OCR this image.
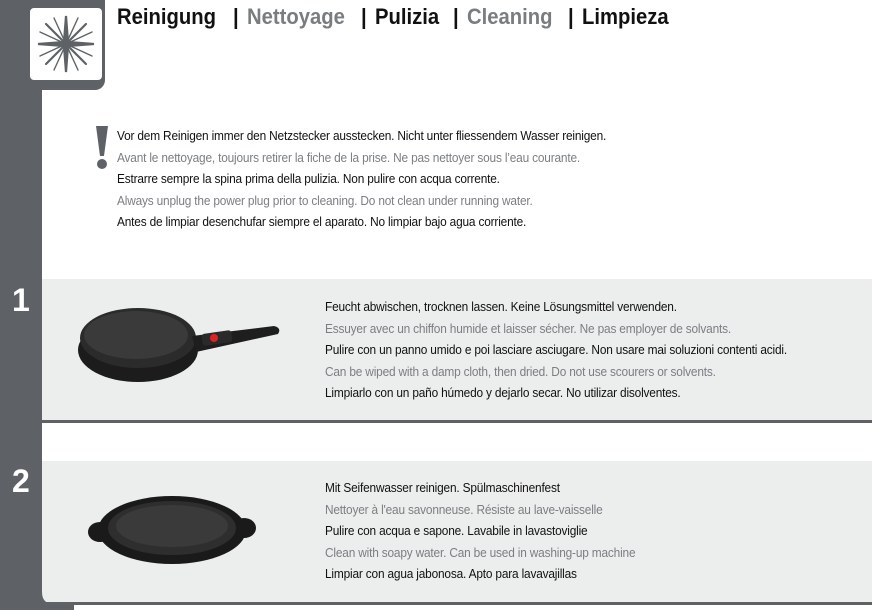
Reinigung | Nettoyage | Pulizia | Cleaning | Limpieza
Vor dem Reinigen immer den Netzstecker ausstecken. Nicht unter fliessendem Wasser reinigen.
Avant le nettoyage, toujours retirer la fiche de la prise. Ne pas nettoyer sous l’eau courante.
Estrarre sempre la spina prima della pulizia. Non pulire con acqua corrente.
Always unplug the power plug prior to cleaning. Do not clean under running water.
Antes de limpiar desenchufar siempre el aparato. No limpiar bajo agua corriente.
1	Feucht abwischen, trocknen lassen. Keine Lösungsmittel verwenden.
Essuyer avec un chiffon humide et laisser sécher. Ne pas employer de solvants.
Pulire con un panno umido e poi lasciare asciugare. Non usare mai soluzioni contenti acidi.
Can be wiped with a damp cloth, then dried. Do not use scourers or solvents.
Limpiarlo con un paño húmedo y dejarlo secar. No utilizar disolventes.
2	Mit Seifenwasser reinigen. Spülmaschinenfest
Nettoyer à l'eau savonneuse. Résiste au lave-vaisselle
Pulire con acqua e sapone. Lavabile in lavastoviglie
Clean with soapy water. Can be used in washing-up machine
Limpiar con agua jabonosa. Apto para lavavajillas
